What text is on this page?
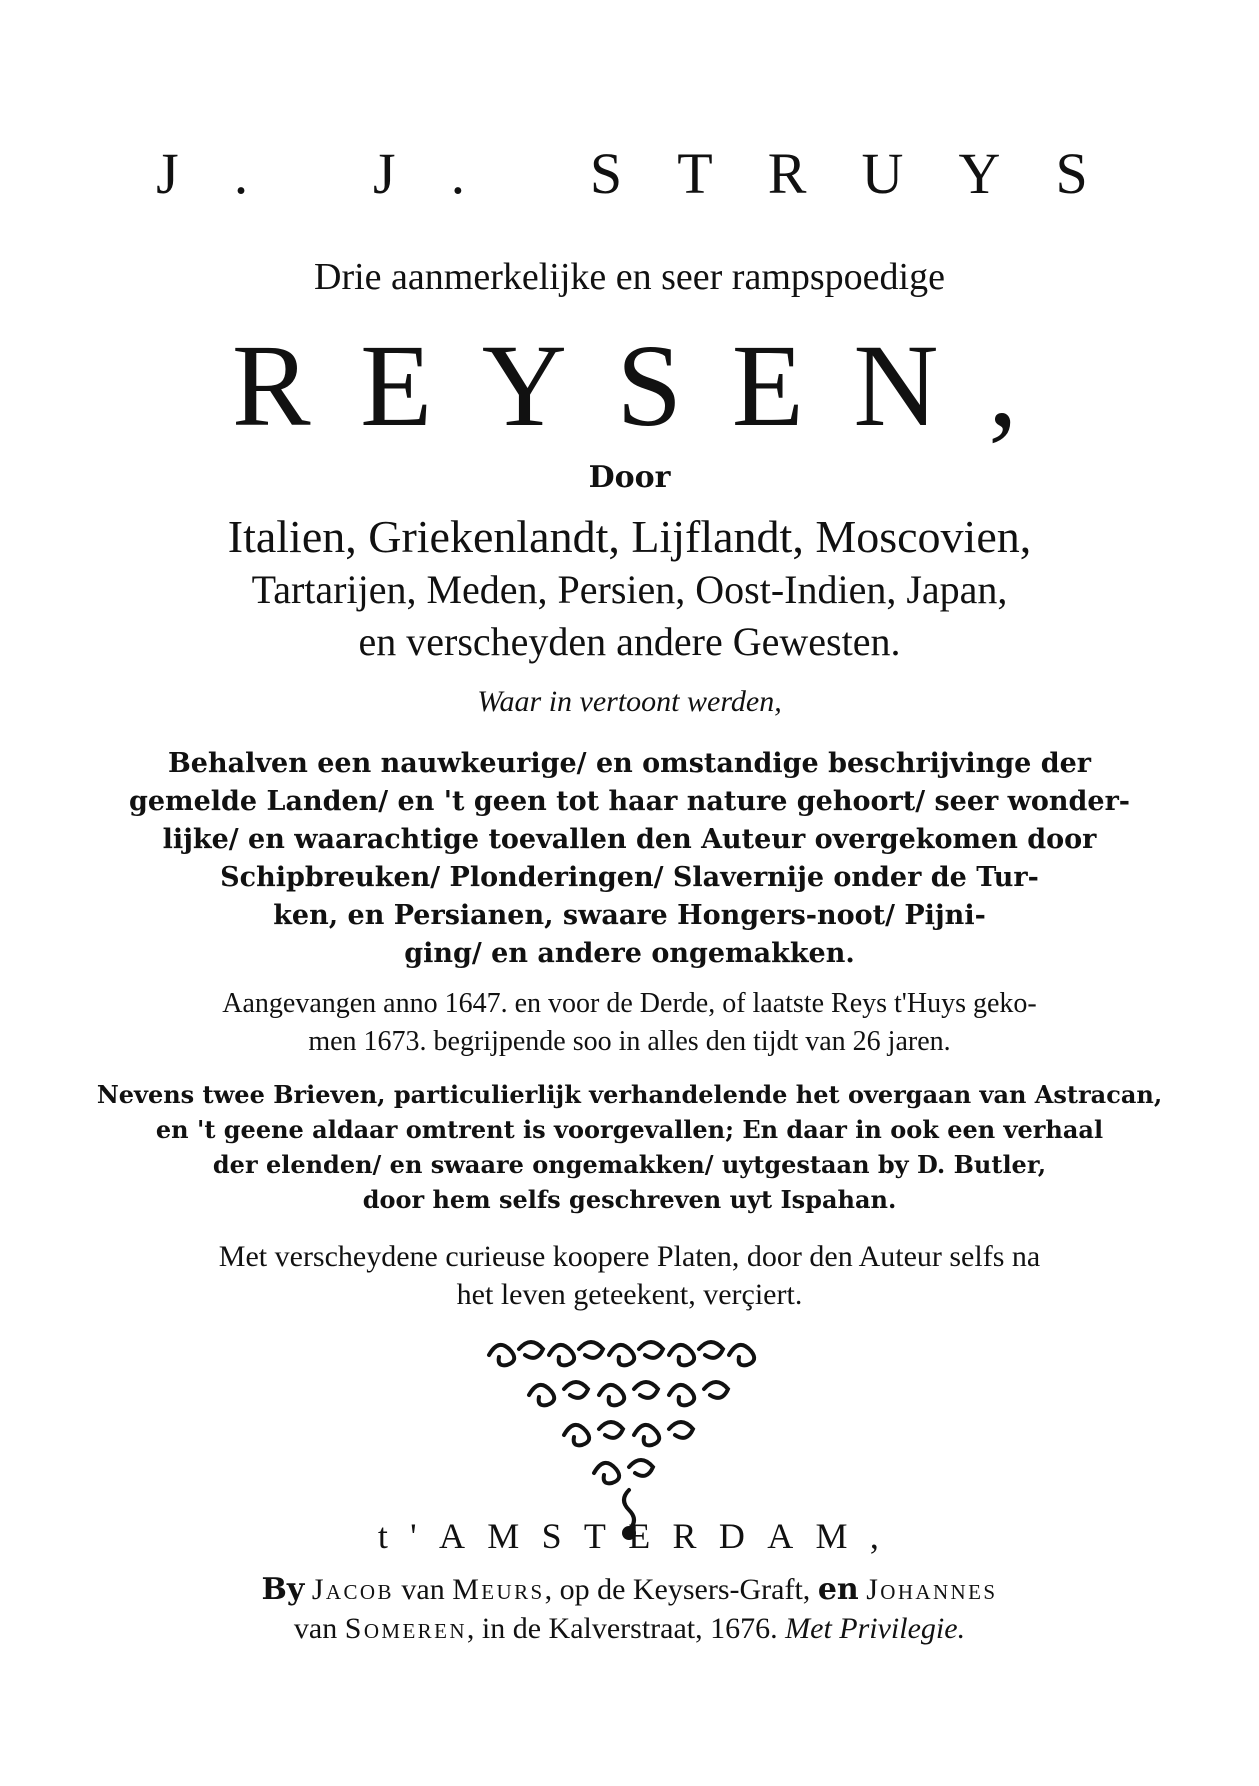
J. J. STRUYS
Drie aanmerkelijke en seer rampspoedige
REYSEN,
Door
Italien, Griekenlandt, Lijflandt, Moscovien,
Tartarijen, Meden, Persien, Oost-Indien, Japan,
en verscheyden andere Gewesten.
Waar in vertoont werden,
Behalven een nauwkeurige/ en omstandige beschrijvinge der
gemelde Landen/ en 't geen tot haar nature gehoort/ seer wonder-
lijke/ en waarachtige toevallen den Auteur overgekomen door
Schipbreuken/ Plonderingen/ Slavernije onder de Tur-
ken, en Persianen, swaare Hongers-noot/ Pijni-
ging/ en andere ongemakken.
Aangevangen anno 1647. en voor de Derde, of laatste Reys t'Huys geko-
men 1673. begrijpende soo in alles den tijdt van 26 jaren.
Nevens twee Brieven, particulierlijk verhandelende het overgaan van Astracan,
en 't geene aldaar omtrent is voorgevallen; En daar in ook een verhaal
der elenden/ en swaare ongemakken/ uytgestaan by D. Butler,
door hem selfs geschreven uyt Ispahan.
Met verscheydene curieuse koopere Platen, door den Auteur selfs na
het leven geteekent, verçiert.
t'AMSTERDAM,
By Jacob van Meurs, op de Keysers-Graft, en Johannes
van Someren, in de Kalverstraat, 1676. Met Privilegie.
